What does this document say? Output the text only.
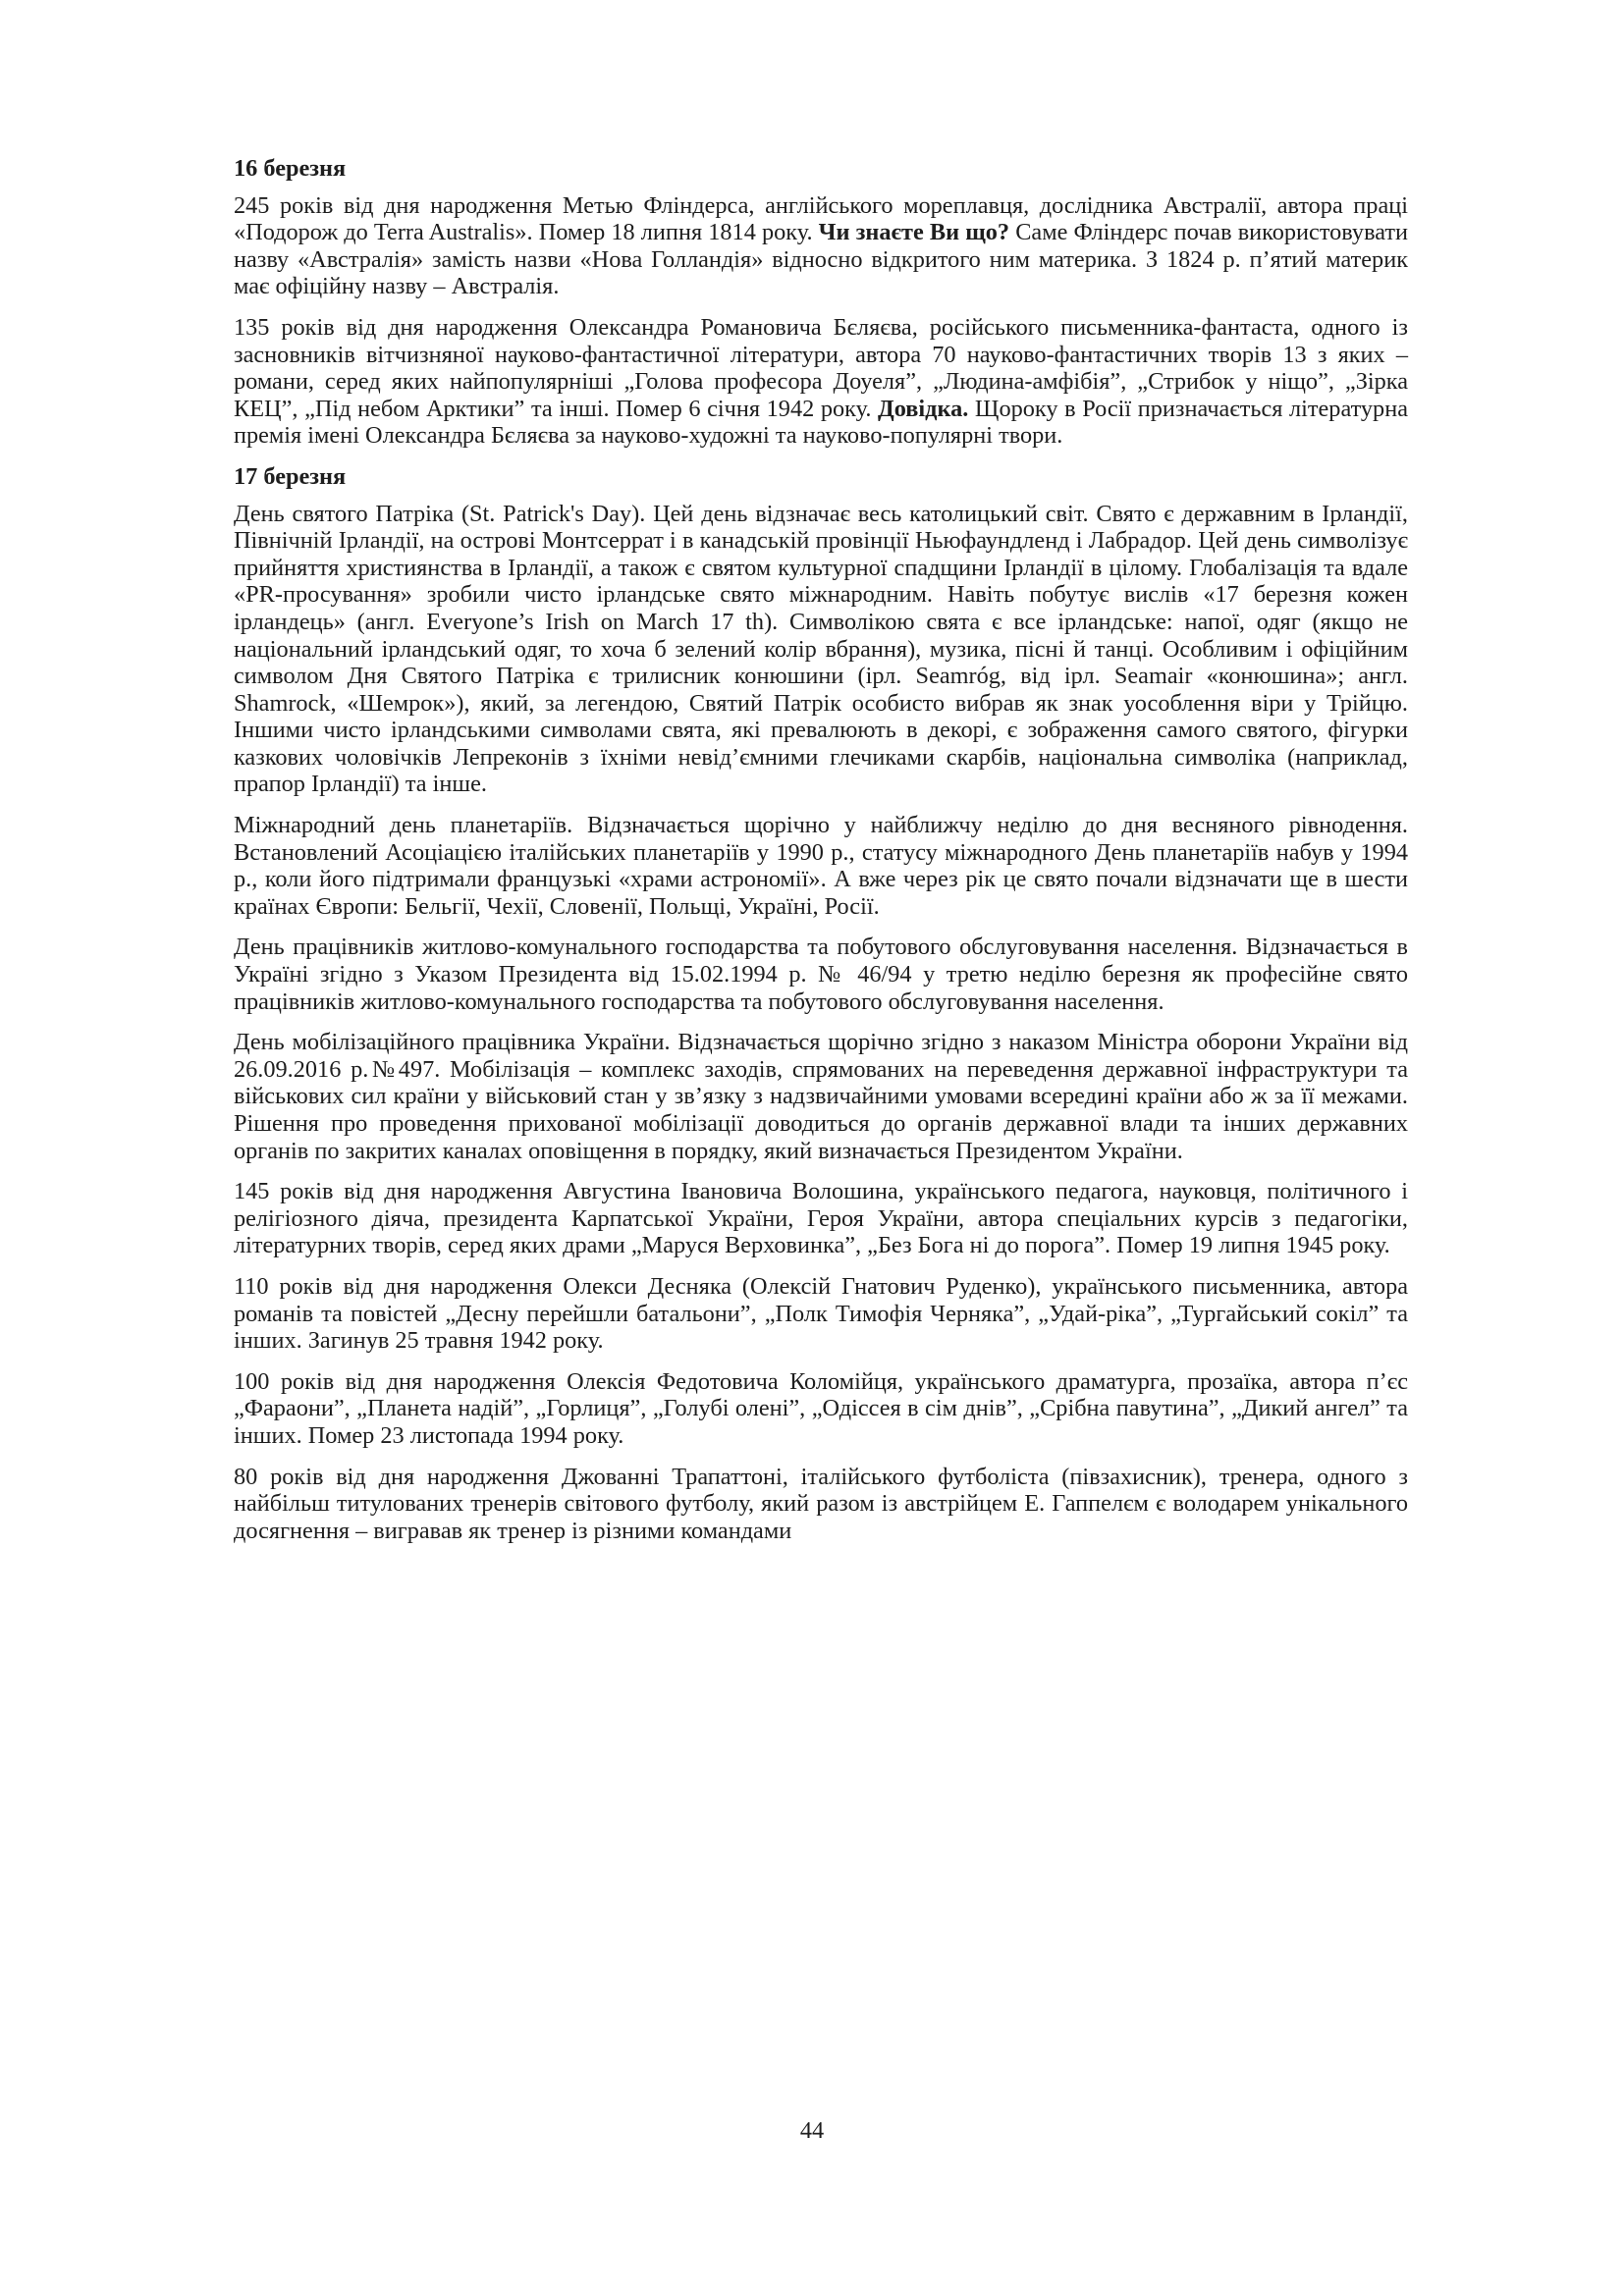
16 березня

245 років від дня народження Метью Фліндерса, англійського мореплавця, дослідника Австралії, автора праці «Подорож до Terra Australis». Помер 18 липня 1814 року. Чи знаєте Ви що? Саме Фліндерс почав використовувати назву «Австралія» замість назви «Нова Голландія» відносно відкритого ним материка. З 1824 р. п’ятий материк має офіційну назву – Австралія.

135 років від дня народження Олександра Романовича Бєляєва, російського письменника-фантаста, одного із засновників вітчизняної науково-фантастичної літератури, автора 70 науково-фантастичних творів 13 з яких – романи, серед яких найпопулярніші „Голова професора Доуеля”, „Людина-амфібія”, „Стрибок у ніщо”, „Зірка КЕЦ”, „Під небом Арктики” та інші. Помер 6 січня 1942 року. Довідка. Щороку в Росії призначається літературна премія імені Олександра Бєляєва за науково-художні та науково-популярні твори.

17 березня

День святого Патріка (St. Patrick's Day). Цей день відзначає весь католицький світ. Свято є державним в Ірландії, Північній Ірландії, на острові Монтсеррат і в канадській провінції Ньюфаундленд і Лабрадор. Цей день символізує прийняття християнства в Ірландії, а також є святом культурної спадщини Ірландії в цілому. Глобалізація та вдале «PR-просування» зробили чисто ірландське свято міжнародним. Навіть побутує вислів «17 березня кожен ірландець» (англ. Everyone’s Irish on March 17 th). Символікою свята є все ірландське: напої, одяг (якщо не національний ірландський одяг, то хоча б зелений колір вбрання), музика, пісні й танці. Особливим і офіційним символом Дня Святого Патріка є трилисник конюшини (ірл. Seamróg, від ірл. Seamair «конюшина»; англ. Shamrock, «Шемрок»), який, за легендою, Святий Патрік особисто вибрав як знак уособлення віри у Трійцю. Іншими чисто ірландськими символами свята, які превалюють в декорі, є зображення самого святого, фігурки казкових чоловічків Лепреконів з їхніми невід’ємними глечиками скарбів, національна символіка (наприклад, прапор Ірландії) та інше.

Міжнародний день планетаріїв. Відзначається щорічно у найближчу неділю до дня весняного рівнодення. Встановлений Асоціацією італійських планетаріїв у 1990 р., статусу міжнародного День планетаріїв набув у 1994 р., коли його підтримали французькі «храми астрономії». А вже через рік це свято почали відзначати ще в шести країнах Європи: Бельгії, Чехії, Словенії, Польщі, Україні, Росії.

День працівників житлово-комунального господарства та побутового обслуговування населення. Відзначається в Україні згідно з Указом Президента від 15.02.1994 р. № 46/94 у третю неділю березня як професійне свято працівників житлово-комунального господарства та побутового обслуговування населення.

День мобілізаційного працівника України. Відзначається щорічно згідно з наказом Міністра оборони України від 26.09.2016 р.№497. Мобілізація – комплекс заходів, спрямованих на переведення державної інфраструктури та військових сил країни у військовий стан у зв’язку з надзвичайними умовами всередині країни або ж за її межами. Рішення про проведення прихованої мобілізації доводиться до органів державної влади та інших державних органів по закритих каналах оповіщення в порядку, який визначається Президентом України.

145 років від дня народження Августина Івановича Волошина, українського педагога, науковця, політичного і релігіозного діяча, президента Карпатської України, Героя України, автора спеціальних курсів з педагогіки, літературних творів, серед яких драми „Маруся Верховинка”, „Без Бога ні до порога”. Помер 19 липня 1945 року.

110 років від дня народження Олекси Десняка (Олексій Гнатович Руденко), українського письменника, автора романів та повістей „Десну перейшли батальони”, „Полк Тимофія Черняка”, „Удай-ріка”, „Тургайський сокіл” та інших. Загинув 25 травня 1942 року.

100 років від дня народження Олексія Федотовича Коломійця, українського драматурга, прозаїка, автора п’єс „Фараони”, „Планета надій”, „Горлиця”, „Голубі олені”, „Одіссея в сім днів”, „Срібна павутина”, „Дикий ангел” та інших. Помер 23 листопада 1994 року.

80 років від дня народження Джованні Трапаттоні, італійського футболіста (півзахисник), тренера, одного з найбільш титулованих тренерів світового футболу, який разом із австрійцем Е. Гаппелєм є володарем унікального досягнення – вигравав як тренер із різними командами

44
